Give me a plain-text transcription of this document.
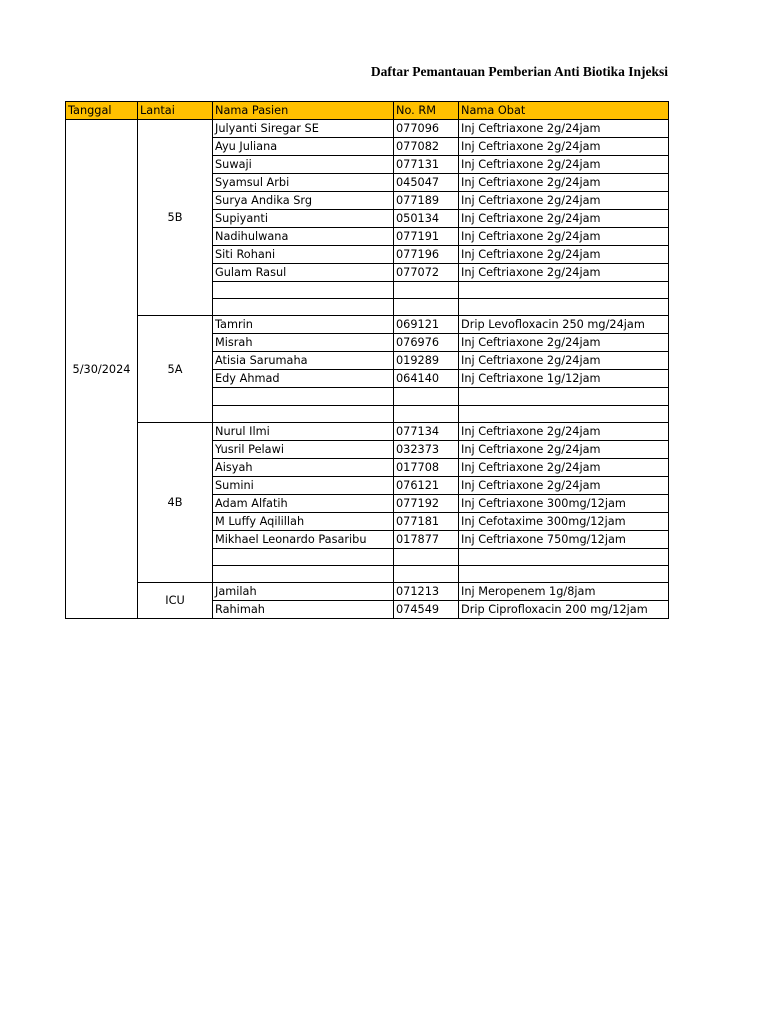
Daftar Pemantauan Pemberian Anti Biotika Injeksi
Tanggal	Lantai	Nama Pasien	No. RM	Nama Obat
5/30/2024	5B	Julyanti Siregar SE	077096	Inj Ceftriaxone 2g/24jam
		Ayu Juliana	077082	Inj Ceftriaxone 2g/24jam
		Suwaji	077131	Inj Ceftriaxone 2g/24jam
		Syamsul Arbi	045047	Inj Ceftriaxone 2g/24jam
		Surya Andika Srg	077189	Inj Ceftriaxone 2g/24jam
		Supiyanti	050134	Inj Ceftriaxone 2g/24jam
		Nadihulwana	077191	Inj Ceftriaxone 2g/24jam
		Siti Rohani	077196	Inj Ceftriaxone 2g/24jam
		Gulam Rasul	077072	Inj Ceftriaxone 2g/24jam

	5A	Tamrin	069121	Drip Levofloxacin 250 mg/24jam
		Misrah	076976	Inj Ceftriaxone 2g/24jam
		Atisia Sarumaha	019289	Inj Ceftriaxone 2g/24jam
		Edy Ahmad	064140	Inj Ceftriaxone 1g/12jam

	4B	Nurul Ilmi	077134	Inj Ceftriaxone 2g/24jam
		Yusril Pelawi	032373	Inj Ceftriaxone 2g/24jam
		Aisyah	017708	Inj Ceftriaxone 2g/24jam
		Sumini	076121	Inj Ceftriaxone 2g/24jam
		Adam Alfatih	077192	Inj Ceftriaxone 300mg/12jam
		M Luffy Aqilillah	077181	Inj Cefotaxime 300mg/12jam
		Mikhael Leonardo Pasaribu	017877	Inj Ceftriaxone 750mg/12jam

	ICU	Jamilah	071213	Inj Meropenem 1g/8jam
		Rahimah	074549	Drip Ciprofloxacin 200 mg/12jam
